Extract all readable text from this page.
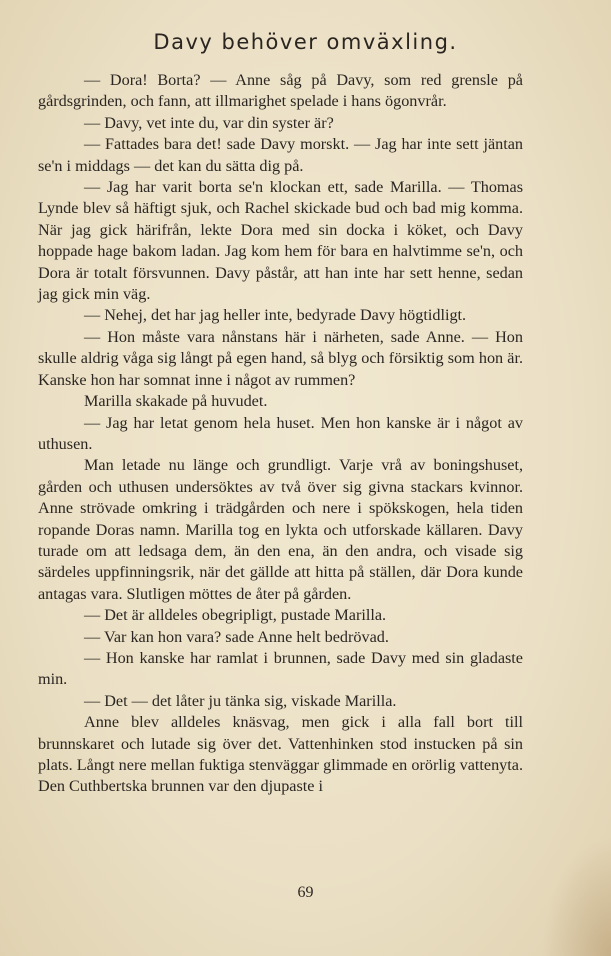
Davy behöver omväxling.

— Dora! Borta? — Anne såg på Davy, som red grensle på gårdsgrinden, och fann, att illmarighet spelade i hans ögonvrår.

— Davy, vet inte du, var din syster är?

— Fattades bara det! sade Davy morskt. — Jag har inte sett jäntan se'n i middags — det kan du sätta dig på.

— Jag har varit borta se'n klockan ett, sade Marilla. — Thomas Lynde blev så häftigt sjuk, och Rachel skickade bud och bad mig komma. När jag gick härifrån, lekte Dora med sin docka i köket, och Davy hoppade hage bakom ladan. Jag kom hem för bara en halvtimme se'n, och Dora är totalt försvunnen. Davy påstår, att han inte har sett henne, sedan jag gick min väg.

— Nehej, det har jag heller inte, bedyrade Davy högtidligt.

— Hon måste vara nånstans här i närheten, sade Anne. — Hon skulle aldrig våga sig långt på egen hand, så blyg och försiktig som hon är. Kanske hon har somnat inne i något av rummen?

Marilla skakade på huvudet.

— Jag har letat genom hela huset. Men hon kanske är i något av uthusen.

Man letade nu länge och grundligt. Varje vrå av boningshuset, gården och uthusen undersöktes av två över sig givna stackars kvinnor. Anne strövade omkring i trädgården och nere i spökskogen, hela tiden ropande Doras namn. Marilla tog en lykta och utforskade källaren. Davy turade om att ledsaga dem, än den ena, än den andra, och visade sig särdeles uppfinningsrik, när det gällde att hitta på ställen, där Dora kunde antagas vara. Slutligen möttes de åter på gården.

— Det är alldeles obegripligt, pustade Marilla.

— Var kan hon vara? sade Anne helt bedrövad.

— Hon kanske har ramlat i brunnen, sade Davy med sin gladaste min.

— Det — det låter ju tänka sig, viskade Marilla.

Anne blev alldeles knäsvag, men gick i alla fall bort till brunnskaret och lutade sig över det. Vattenhinken stod instucken på sin plats. Långt nere mellan fuktiga stenväggar glimmade en orörlig vattenyta. Den Cuthbertska brunnen var den djupaste i

69
